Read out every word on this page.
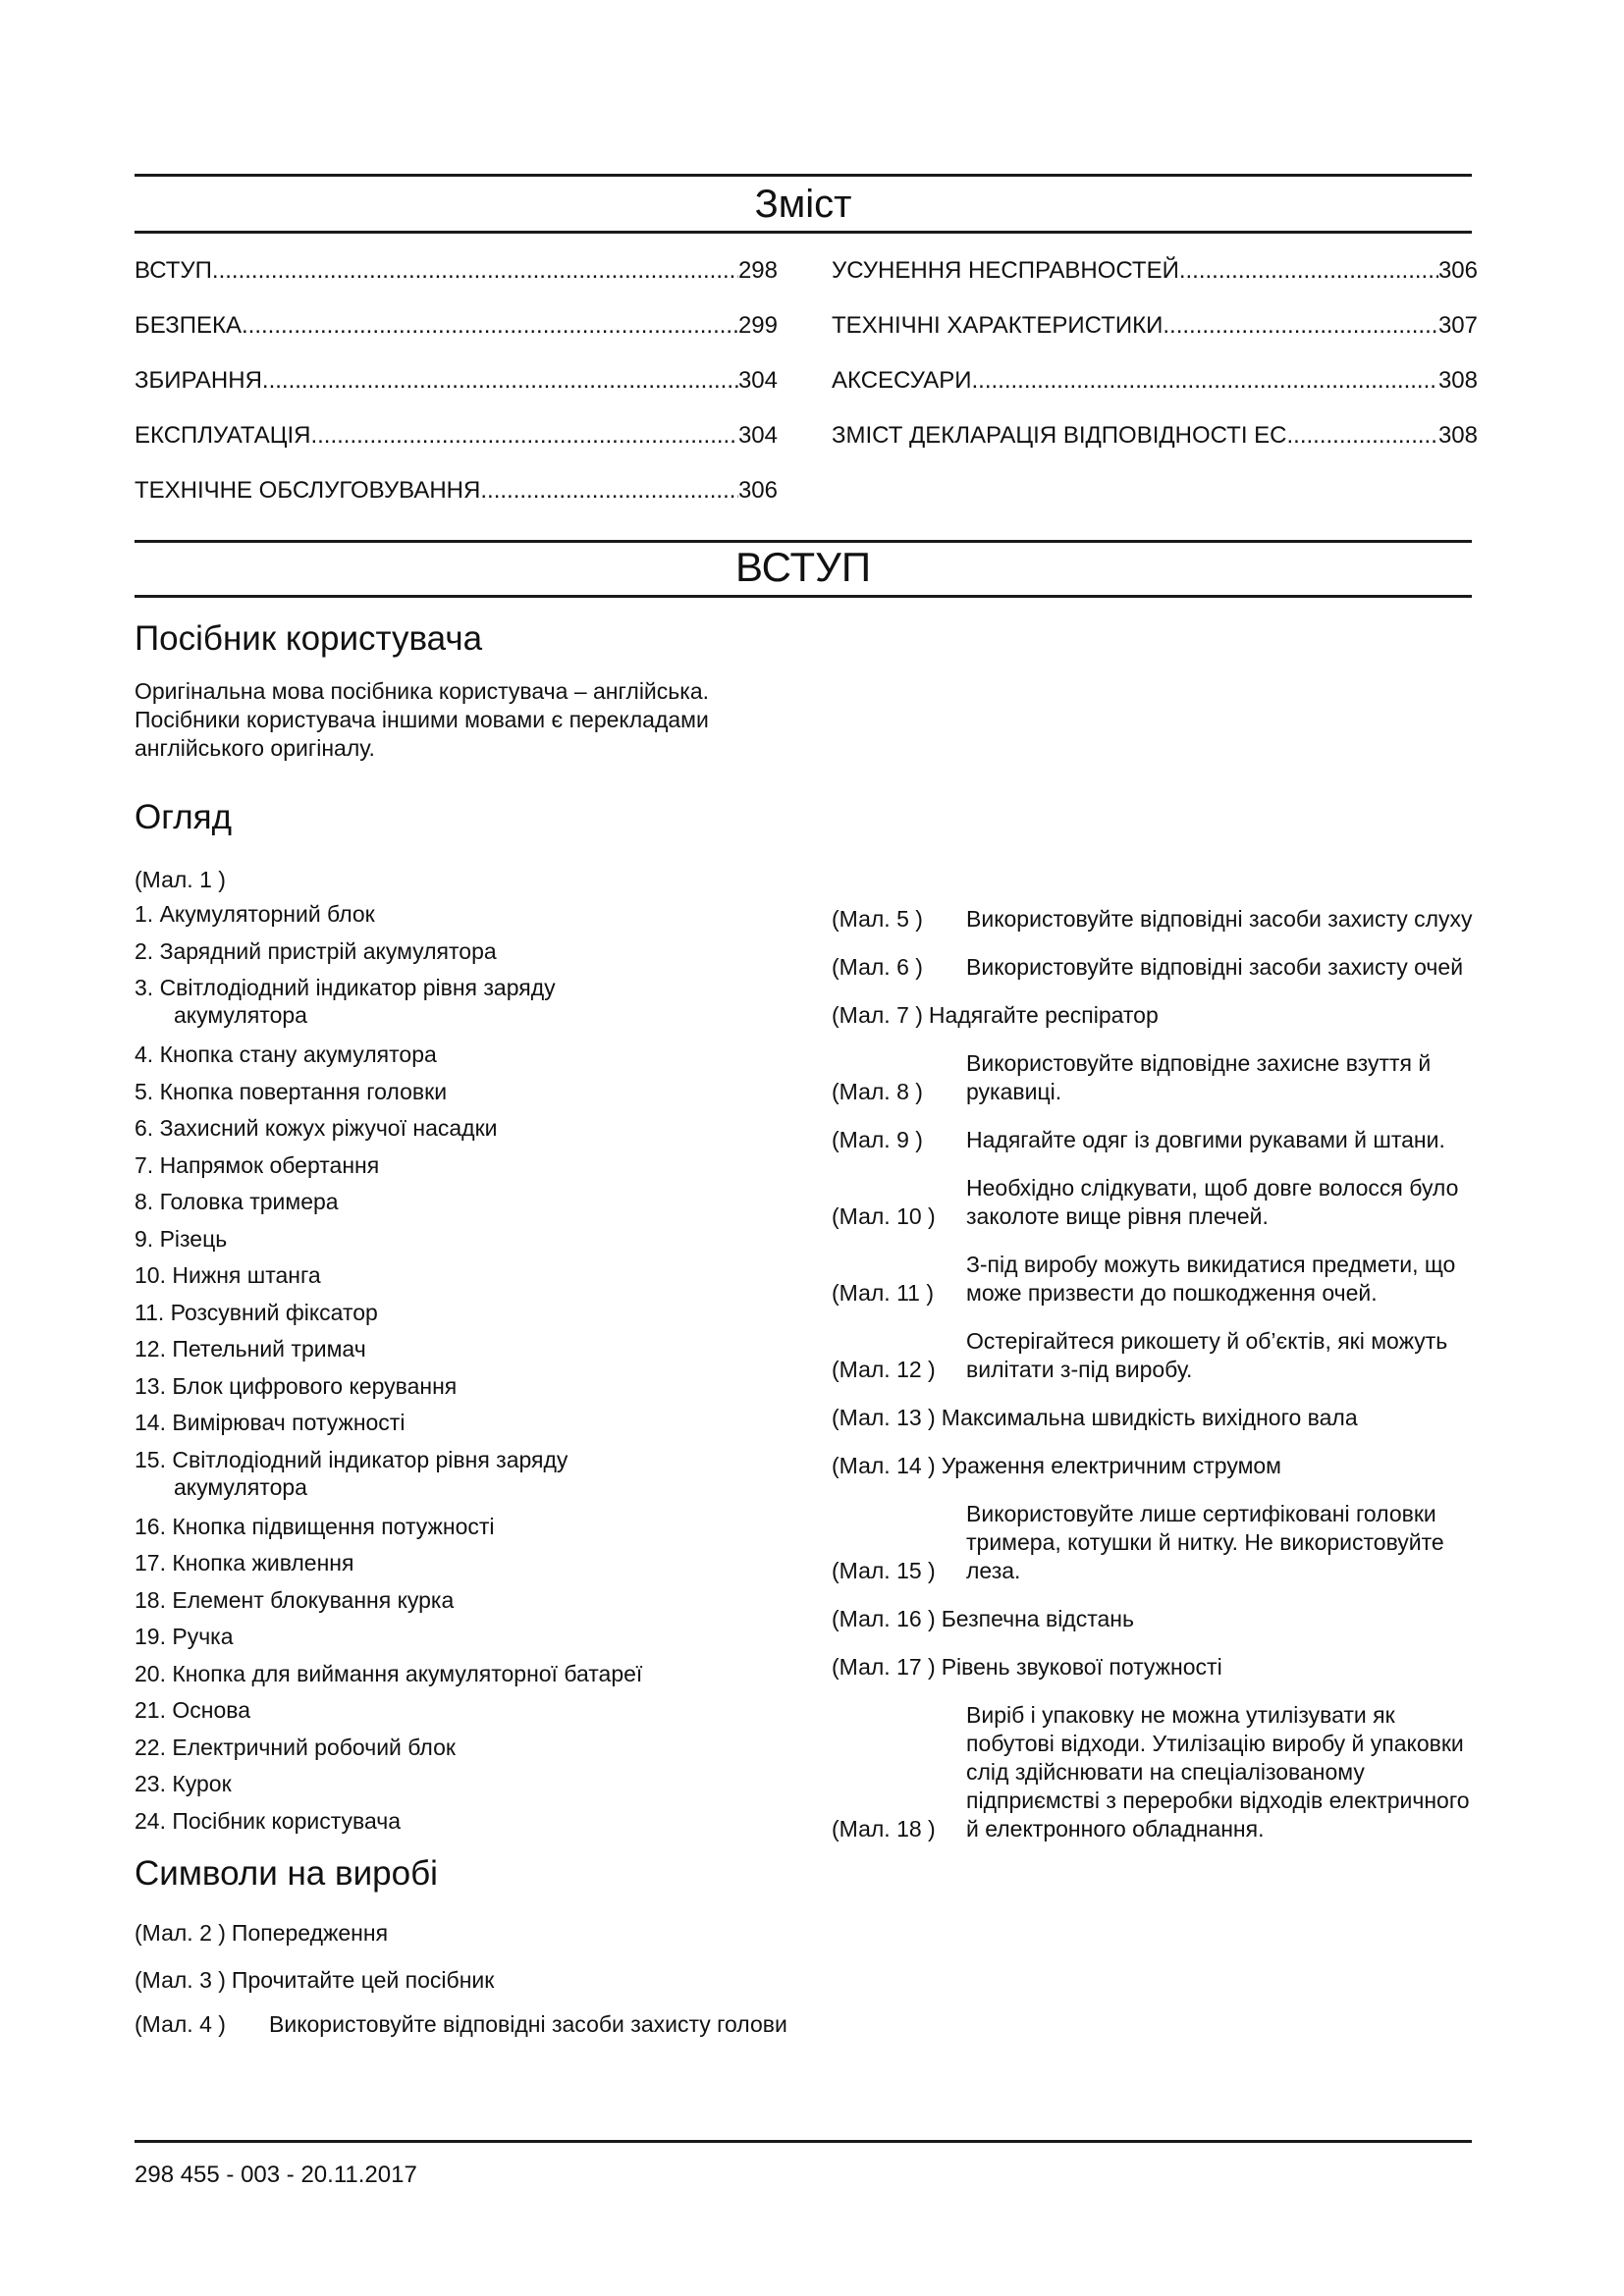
Зміст
ВСТУП .....	298
БЕЗПЕКА .....	299
ЗБИРАННЯ .....	304
ЕКСПЛУАТАЦІЯ .....	304
ТЕХНІЧНЕ ОБСЛУГОВУВАННЯ .....	306
УСУНЕННЯ НЕСПРАВНОСТЕЙ .....	306
ТЕХНІЧНІ ХАРАКТЕРИСТИКИ .....	307
АКСЕСУАРИ .....	308
ЗМІСТ ДЕКЛАРАЦІЯ ВІДПОВІДНОСТІ ЕС .....	308
ВСТУП
Посібник користувача
Оригінальна мова посібника користувача – англійська. Посібники користувача іншими мовами є перекладами англійського оригіналу.
Огляд
(Мал. 1 )
1. Акумуляторний блок
2. Зарядний пристрій акумулятора
3. Світлодіодний індикатор рівня заряду
акумулятора
4. Кнопка стану акумулятора
5. Кнопка повертання головки
6. Захисний кожух ріжучої насадки
7. Напрямок обертання
8. Головка тримера
9. Різець
10. Нижня штанга
11. Розсувний фіксатор
12. Петельний тримач
13. Блок цифрового керування
14. Вимірювач потужності
15. Світлодіодний індикатор рівня заряду
акумулятора
16. Кнопка підвищення потужності
17. Кнопка живлення
18. Елемент блокування курка
19. Ручка
20. Кнопка для виймання акумуляторної батареї
21. Основа
22. Електричний робочий блок
23. Курок
24. Посібник користувача
Символи на виробі
(Мал. 2 ) Попередження
(Мал. 3 ) Прочитайте цей посібник
(Мал. 4 )	Використовуйте відповідні засоби захисту голови
(Мал. 5 )	Використовуйте відповідні засоби захисту слуху
(Мал. 6 )	Використовуйте відповідні засоби захисту очей
(Мал. 7 ) Надягайте респіратор
(Мал. 8 )
Використовуйте відповідне захисне взуття й рукавиці.
(Мал. 9 )	Надягайте одяг із довгими рукавами й штани.
(Мал. 10 )
Необхідно слідкувати, щоб довге волосся було заколоте вище рівня плечей.
(Мал. 11 )
З-під виробу можуть викидатися предмети, що може призвести до пошкодження очей.
(Мал. 12 )
Остерігайтеся рикошету й об’єктів, які можуть вилітати з-під виробу.
(Мал. 13 ) Максимальна швидкість вихідного вала
(Мал. 14 ) Ураження електричним струмом
(Мал. 15 )
Використовуйте лише сертифіковані головки тримера, котушки й нитку. Не використовуйте леза.
(Мал. 16 ) Безпечна відстань
(Мал. 17 ) Рівень звукової потужності
(Мал. 18 )
Виріб і упаковку не можна утилізувати як побутові відходи. Утилізацію виробу й упаковки слід здійснювати на спеціалізованому підприємстві з переробки відходів електричного й електронного обладнання.
298 455 - 003 - 20.11.2017
